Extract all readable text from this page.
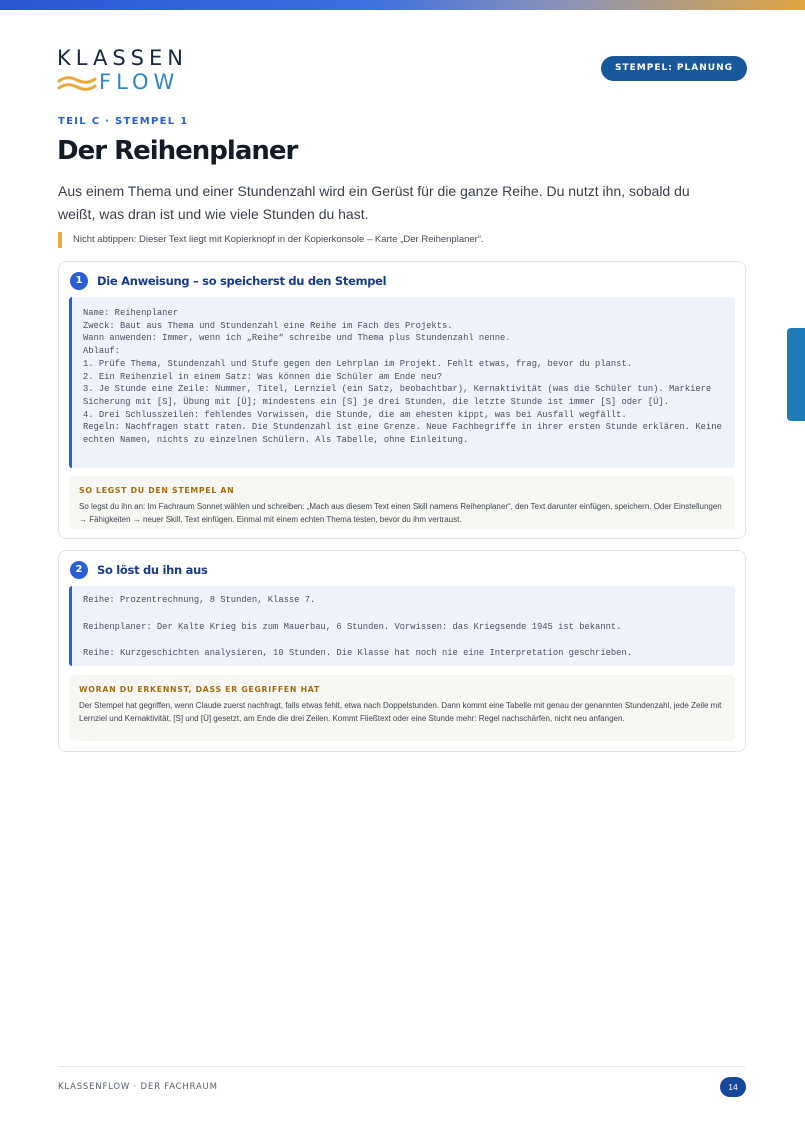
KLASSEN
FLOW
STEMPEL: PLANUNG
TEIL C · STEMPEL 1
Der Reihenplaner

Aus einem Thema und einer Stundenzahl wird ein Gerüst für die ganze Reihe. Du nutzt ihn, sobald du weißt, was dran ist und wie viele Stunden du hast.

Nicht abtippen: Dieser Text liegt mit Kopierknopf in der Kopierkonsole – Karte „Der Reihenplaner“.
1	Die Anweisung – so speicherst du den Stempel
Name: Reihenplaner
Zweck: Baut aus Thema und Stundenzahl eine Reihe im Fach des Projekts.
Wann anwenden: Immer, wenn ich „Reihe“ schreibe und Thema plus Stundenzahl nenne.
Ablauf:
1. Prüfe Thema, Stundenzahl und Stufe gegen den Lehrplan im Projekt. Fehlt etwas, frag, bevor du planst.
2. Ein Reihenziel in einem Satz: Was können die Schüler am Ende neu?
3. Je Stunde eine Zeile: Nummer, Titel, Lernziel (ein Satz, beobachtbar), Kernaktivität (was die Schüler tun). Markiere Sicherung mit [S], Übung mit [Ü]; mindestens ein [S] je drei Stunden, die letzte Stunde ist immer [S] oder [Ü].
4. Drei Schlusszeilen: fehlendes Vorwissen, die Stunde, die am ehesten kippt, was bei Ausfall wegfällt.
Regeln: Nachfragen statt raten. Die Stundenzahl ist eine Grenze. Neue Fachbegriffe in ihrer ersten Stunde erklären. Keine echten Namen, nichts zu einzelnen Schülern. Als Tabelle, ohne Einleitung.
SO LEGST DU DEN STEMPEL AN
So legst du ihn an: Im Fachraum Sonnet wählen und schreiben: „Mach aus diesem Text einen Skill namens Reihenplaner“, den Text darunter einfügen, speichern. Oder Einstellungen → Fähigkeiten → neuer Skill, Text einfügen. Einmal mit einem echten Thema testen, bevor du ihm vertraust.
2	So löst du ihn aus
Reihe: Prozentrechnung, 8 Stunden, Klasse 7.
Reihenplaner: Der Kalte Krieg bis zum Mauerbau, 6 Stunden. Vorwissen: das Kriegsende 1945 ist bekannt.
Reihe: Kurzgeschichten analysieren, 10 Stunden. Die Klasse hat noch nie eine Interpretation geschrieben.
WORAN DU ERKENNST, DASS ER GEGRIFFEN HAT
Der Stempel hat gegriffen, wenn Claude zuerst nachfragt, falls etwas fehlt, etwa nach Doppelstunden. Dann kommt eine Tabelle mit genau der genannten Stundenzahl, jede Zeile mit Lernziel und Kernaktivität, [S] und [Ü] gesetzt, am Ende die drei Zeilen. Kommt Fließtext oder eine Stunde mehr: Regel nachschärfen, nicht neu anfangen.
KLASSENFLOW · DER FACHRAUM	14
